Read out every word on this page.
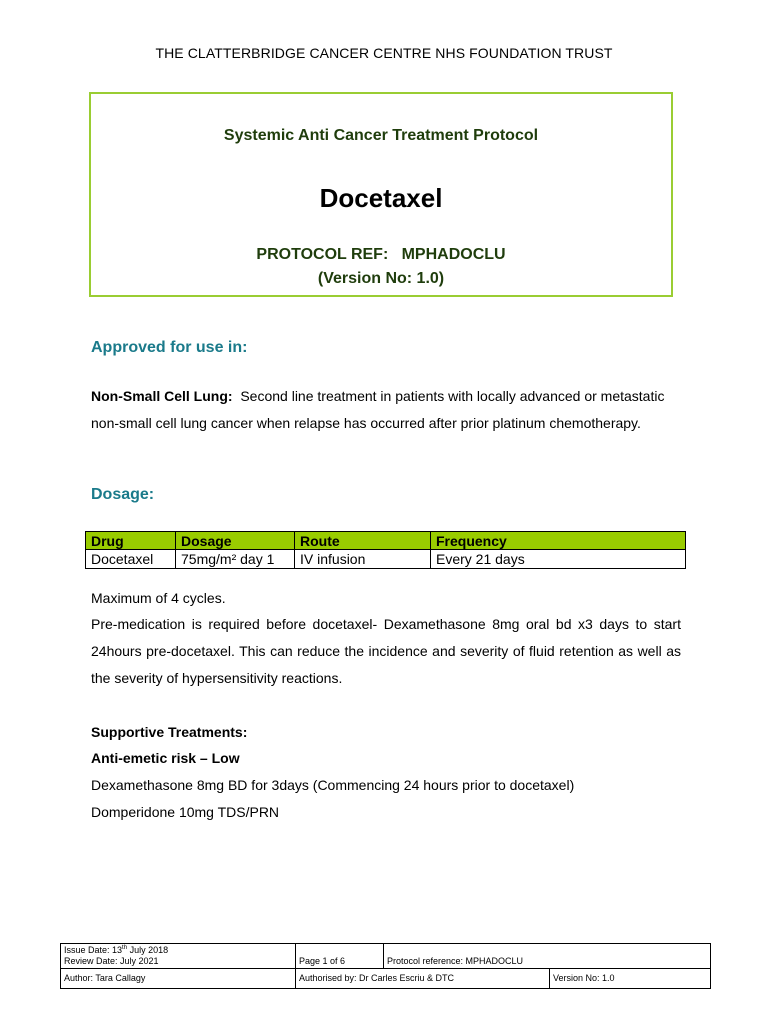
THE CLATTERBRIDGE CANCER CENTRE NHS FOUNDATION TRUST
Systemic Anti Cancer Treatment Protocol
Docetaxel
PROTOCOL REF:   MPHADOCLU
(Version No: 1.0)
Approved for use in:
Non-Small Cell Lung:  Second line treatment in patients with locally advanced or metastatic non-small cell lung cancer when relapse has occurred after prior platinum chemotherapy.
Dosage:
Drug	Dosage	Route	Frequency
Docetaxel	75mg/m² day 1	IV infusion	Every 21 days
Maximum of 4 cycles.
Pre-medication is required before docetaxel- Dexamethasone 8mg oral bd x3 days to start 24hours pre-docetaxel. This can reduce the incidence and severity of fluid retention as well as the severity of hypersensitivity reactions.
Supportive Treatments:
Anti-emetic risk – Low
Dexamethasone 8mg BD for 3days (Commencing 24 hours prior to docetaxel)
Domperidone 10mg TDS/PRN
Issue Date: 13th July 2018
Review Date: July 2021	Page 1 of 6	Protocol reference: MPHADOCLU	
Author: Tara Callagy	Authorised by: Dr Carles Escriu & DTC		Version No: 1.0
